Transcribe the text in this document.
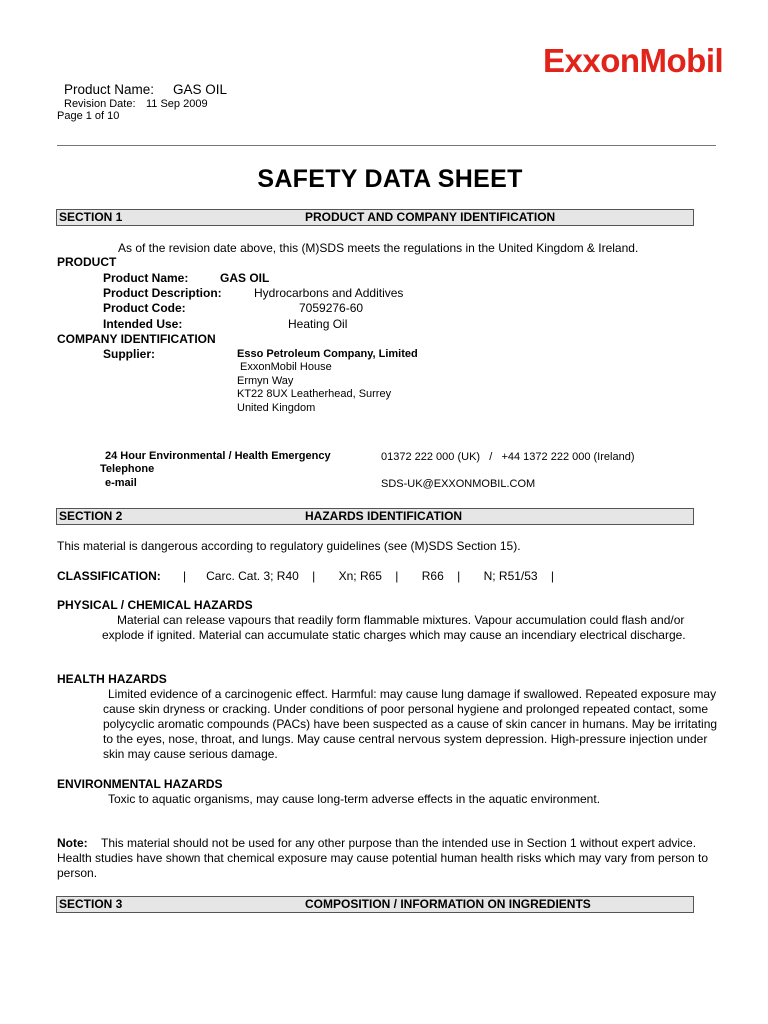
ExxonMobil
Product Name: GAS OIL
Revision Date: 11 Sep 2009
Page 1 of 10
SAFETY DATA SHEET
SECTION 1	PRODUCT AND COMPANY IDENTIFICATION
As of the revision date above, this (M)SDS meets the regulations in the United Kingdom & Ireland.
PRODUCT
Product Name:	GAS OIL
Product Description:	Hydrocarbons and Additives
Product Code:	7059276-60
Intended Use:	Heating Oil
COMPANY IDENTIFICATION
Supplier:	Esso Petroleum Company, Limited
ExxonMobil House
Ermyn Way
KT22 8UX Leatherhead, Surrey
United Kingdom
24 Hour Environmental / Health Emergency
Telephone
01372 222 000 (UK)   /   +44 1372 222 000 (Ireland)
e-mail	SDS-UK@EXXONMOBIL.COM
SECTION 2	HAZARDS IDENTIFICATION
This material is dangerous according to regulatory guidelines (see (M)SDS Section 15).
CLASSIFICATION: |      Carc. Cat. 3; R40    |       Xn; R65    |       R66    |       N; R51/53    |
PHYSICAL / CHEMICAL HAZARDS
Material can release vapours that readily form flammable mixtures. Vapour accumulation could flash and/or explode if ignited. Material can accumulate static charges which may cause an incendiary electrical discharge.
HEALTH HAZARDS
Limited evidence of a carcinogenic effect. Harmful: may cause lung damage if swallowed. Repeated exposure may cause skin dryness or cracking. Under conditions of poor personal hygiene and prolonged repeated contact, some polycyclic aromatic compounds (PACs) have been suspected as a cause of skin cancer in humans. May be irritating to the eyes, nose, throat, and lungs. May cause central nervous system depression. High-pressure injection under skin may cause serious damage.
ENVIRONMENTAL HAZARDS
Toxic to aquatic organisms, may cause long-term adverse effects in the aquatic environment.
Note: This material should not be used for any other purpose than the intended use in Section 1 without expert advice. Health studies have shown that chemical exposure may cause potential human health risks which may vary from person to person.
SECTION 3	COMPOSITION / INFORMATION ON INGREDIENTS
